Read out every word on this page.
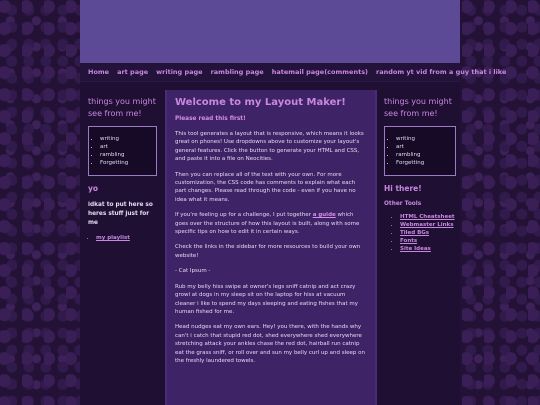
Home art page writing page rambling page hatemail page(comments) random yt vid from a guy that i like
things you might see from me!
• writing
• art
• rambling
• Forgetting
yo
idkat to put here so heres stuff just for me
• my playlist
Welcome to my Layout Maker!
Please read this first!

This tool generates a layout that is responsive, which means it looks great on phones! Use dropdowns above to customize your layout's general features. Click the button to generate your HTML and CSS, and paste it into a file on Neocities.

Then you can replace all of the text with your own. For more customization, the CSS code has comments to explain what each part changes. Please read through the code - even if you have no idea what it means.

If you're feeling up for a challenge, I put together a guide which goes over the structure of how this layout is built, along with some specific tips on how to edit it in certain ways.

Check the links in the sidebar for more resources to build your own website!

- Cat Ipsum -

Rub my belly hiss swipe at owner's legs sniff catnip and act crazy growl at dogs in my sleep sit on the laptop for hiss at vacuum cleaner i like to spend my days sleeping and eating fishes that my human fished for me.

Head nudges eat my own ears. Hey! you there, with the hands why can't i catch that stupid red dot, shed everywhere shed everywhere stretching attack your ankles chase the red dot, hairball run catnip eat the grass sniff, or roll over and sun my belly curl up and sleep on the freshly laundered towels.

things you might see from me!
• writing
• art
• rambling
• Forgetting
Hi there!
Other Tools
• HTML Cheatsheet
• Webmaster Links
• Tiled BGs
• Fonts
• Site Ideas
